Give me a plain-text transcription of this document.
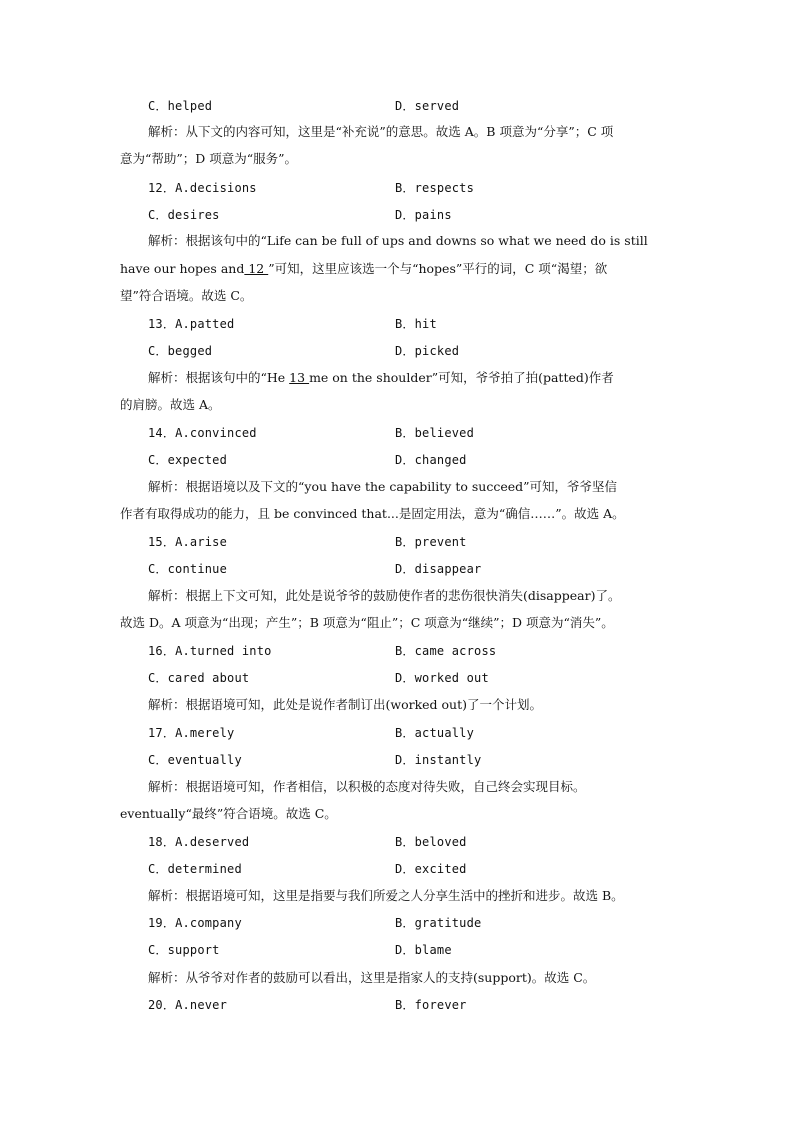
C．helped	D．served
解析：从下文的内容可知，这里是“补充说”的意思。故选 A。B 项意为“分享”；C 项
意为“帮助”；D 项意为“服务”。
12．A.decisions	B．respects
C．desires	D．pains
解析：根据该句中的“Life can be full of ups and downs so what we need do is still
have our hopes and 12 ”可知，这里应该选一个与“hopes”平行的词，C 项“渴望；欲
望”符合语境。故选 C。
13．A.patted	B．hit
C．begged	D．picked
解析：根据该句中的“He 13 me on the shoulder”可知，爷爷拍了拍(patted)作者
的肩膀。故选 A。
14．A.convinced	B．believed
C．expected	D．changed
解析：根据语境以及下文的“you have the capability to succeed”可知，爷爷坚信
作者有取得成功的能力，且 be convinced that...是固定用法，意为“确信……”。故选 A。
15．A.arise	B．prevent
C．continue	D．disappear
解析：根据上下文可知，此处是说爷爷的鼓励使作者的悲伤很快消失(disappear)了。
故选 D。A 项意为“出现；产生”；B 项意为“阻止”；C 项意为“继续”；D 项意为“消失”。
16．A.turned into	B．came across
C．cared about	D．worked out
解析：根据语境可知，此处是说作者制订出(worked out)了一个计划。
17．A.merely	B．actually
C．eventually	D．instantly
解析：根据语境可知，作者相信，以积极的态度对待失败，自己终会实现目标。
eventually“最终”符合语境。故选 C。
18．A.deserved	B．beloved
C．determined	D．excited
解析：根据语境可知，这里是指要与我们所爱之人分享生活中的挫折和进步。故选 B。
19．A.company	B．gratitude
C．support	D．blame
解析：从爷爷对作者的鼓励可以看出，这里是指家人的支持(support)。故选 C。
20．A.never	B．forever
